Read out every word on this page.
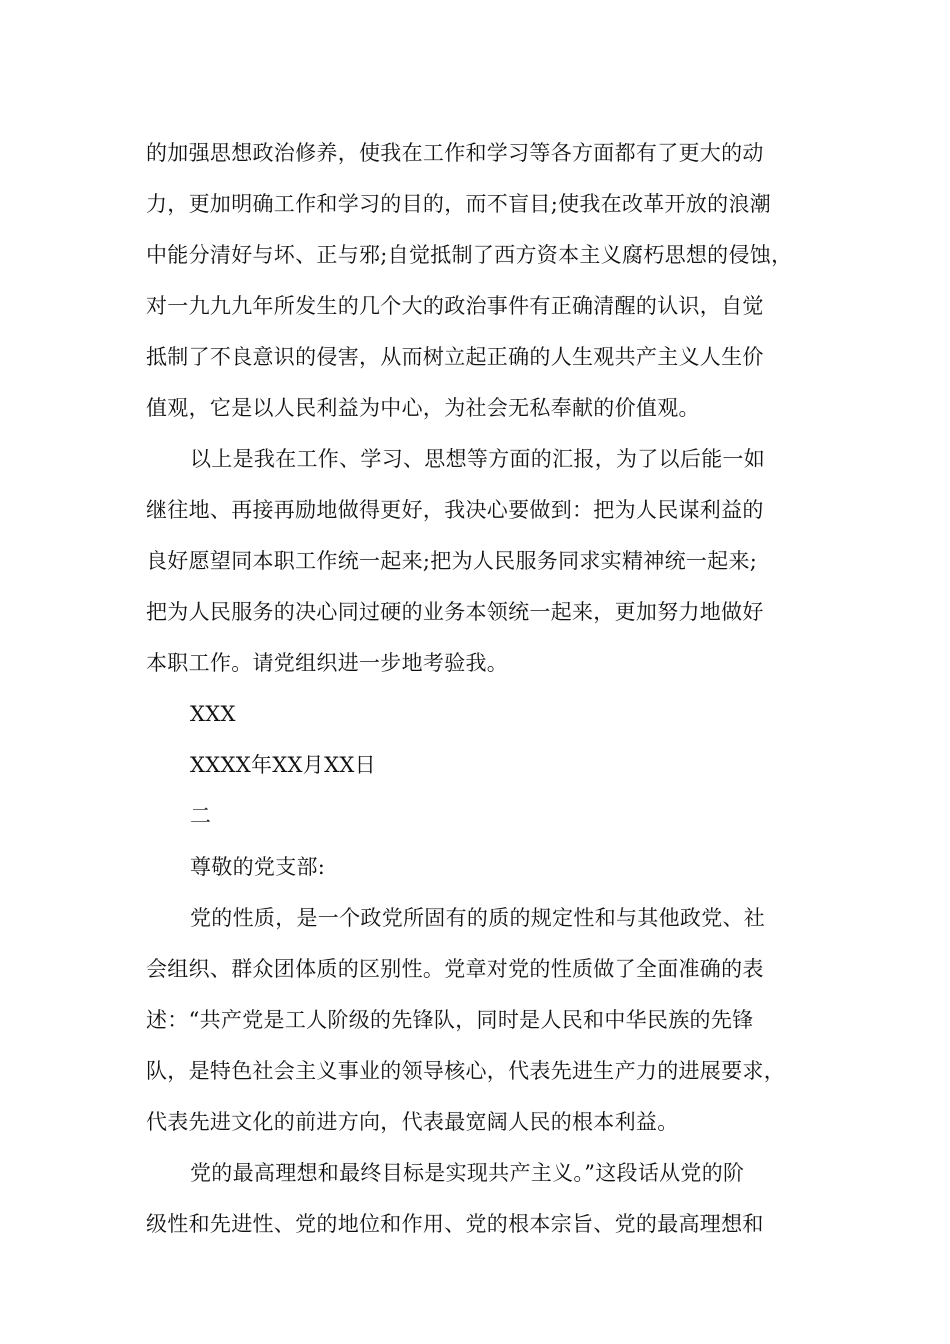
的加强思想政治修养，使我在工作和学习等各方面都有了更大的动
力，更加明确工作和学习的目的，而不盲目;使我在改革开放的浪潮
中能分清好与坏、正与邪;自觉抵制了西方资本主义腐朽思想的侵蚀，
对一九九九年所发生的几个大的政治事件有正确清醒的认识，自觉
抵制了不良意识的侵害，从而树立起正确的人生观共产主义人生价
值观，它是以人民利益为中心，为社会无私奉献的价值观。
以上是我在工作、学习、思想等方面的汇报，为了以后能一如
继往地、再接再励地做得更好，我决心要做到：把为人民谋利益的
良好愿望同本职工作统一起来;把为人民服务同求实精神统一起来;
把为人民服务的决心同过硬的业务本领统一起来，更加努力地做好
本职工作。请党组织进一步地考验我。
XXX
XXXX年XX月XX日
二
尊敬的党支部:
党的性质，是一个政党所固有的质的规定性和与其他政党、社
会组织、群众团体质的区别性。党章对党的性质做了全面准确的表
述：“共产党是工人阶级的先锋队，同时是人民和中华民族的先锋
队，是特色社会主义事业的领导核心，代表先进生产力的进展要求，
代表先进文化的前进方向，代表最宽阔人民的根本利益。
党的最高理想和最终目标是实现共产主义。”这段话从党的阶
级性和先进性、党的地位和作用、党的根本宗旨、党的最高理想和
